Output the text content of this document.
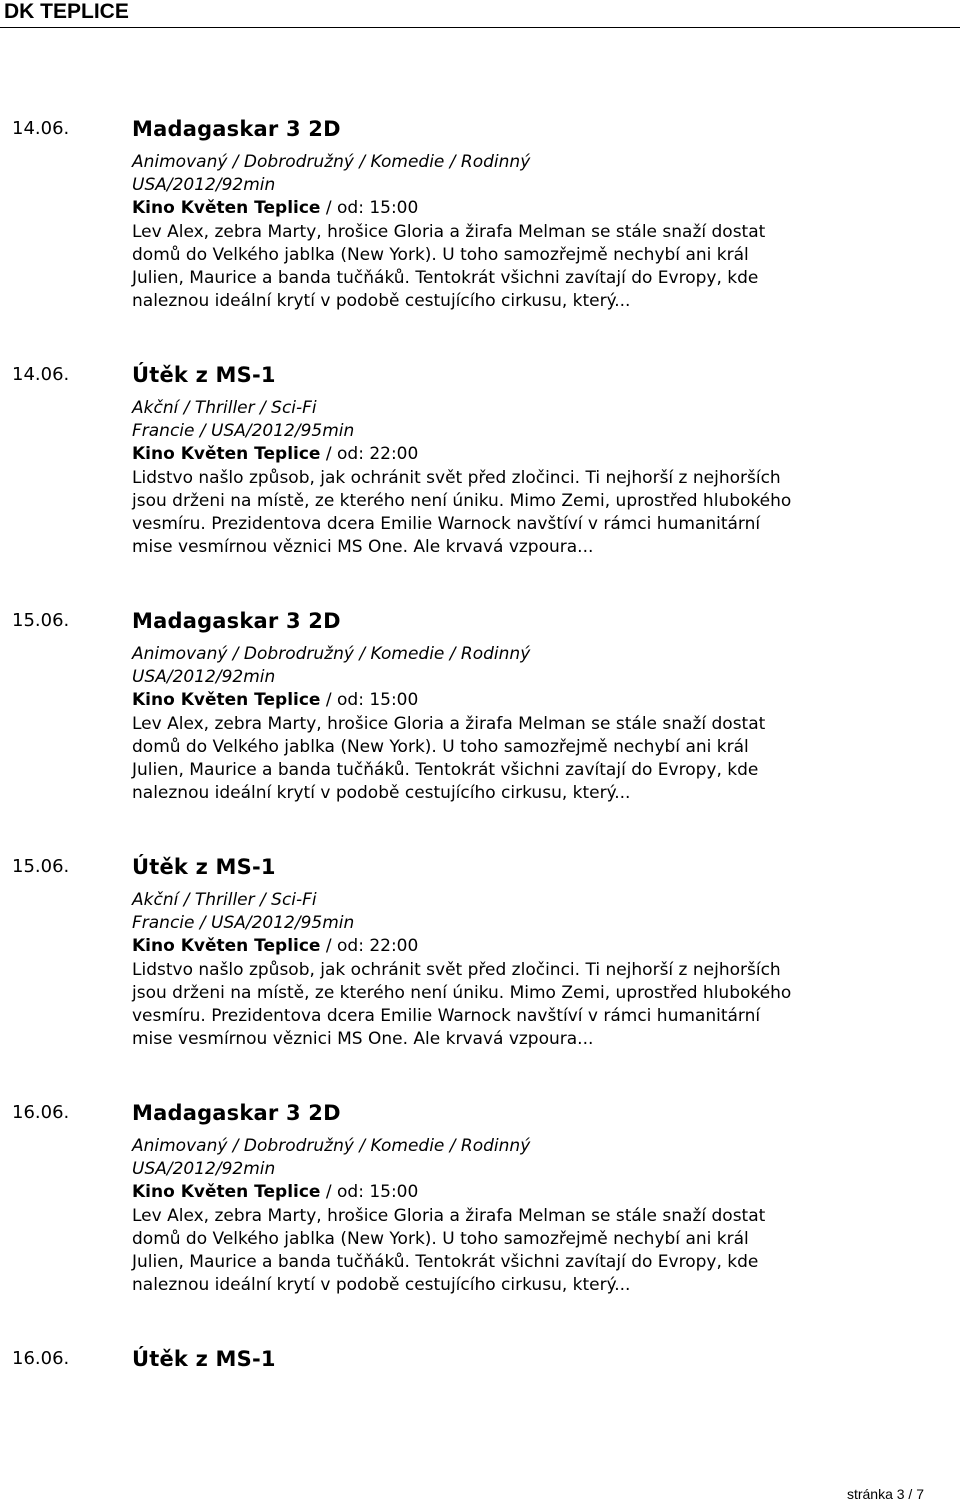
DK TEPLICE
14.06.	Madagaskar 3 2D
Animovaný / Dobrodružný / Komedie / Rodinný
USA/2012/92min
Kino Květen Teplice / od: 15:00
Lev Alex, zebra Marty, hrošice Gloria a žirafa Melman se stále snaží dostat
domů do Velkého jablka (New York). U toho samozřejmě nechybí ani král
Julien, Maurice a banda tučňáků. Tentokrát všichni zavítají do Evropy, kde
naleznou ideální krytí v podobě cestujícího cirkusu, který...
14.06.	Útěk z MS-1
Akční / Thriller / Sci-Fi
Francie / USA/2012/95min
Kino Květen Teplice / od: 22:00
Lidstvo našlo způsob, jak ochránit svět před zločinci. Ti nejhorší z nejhorších
jsou drženi na místě, ze kterého není úniku. Mimo Zemi, uprostřed hlubokého
vesmíru. Prezidentova dcera Emilie Warnock navštíví v rámci humanitární
mise vesmírnou věznici MS One. Ale krvavá vzpoura...
15.06.	Madagaskar 3 2D
Animovaný / Dobrodružný / Komedie / Rodinný
USA/2012/92min
Kino Květen Teplice / od: 15:00
Lev Alex, zebra Marty, hrošice Gloria a žirafa Melman se stále snaží dostat
domů do Velkého jablka (New York). U toho samozřejmě nechybí ani král
Julien, Maurice a banda tučňáků. Tentokrát všichni zavítají do Evropy, kde
naleznou ideální krytí v podobě cestujícího cirkusu, který...
15.06.	Útěk z MS-1
Akční / Thriller / Sci-Fi
Francie / USA/2012/95min
Kino Květen Teplice / od: 22:00
Lidstvo našlo způsob, jak ochránit svět před zločinci. Ti nejhorší z nejhorších
jsou drženi na místě, ze kterého není úniku. Mimo Zemi, uprostřed hlubokého
vesmíru. Prezidentova dcera Emilie Warnock navštíví v rámci humanitární
mise vesmírnou věznici MS One. Ale krvavá vzpoura...
16.06.	Madagaskar 3 2D
Animovaný / Dobrodružný / Komedie / Rodinný
USA/2012/92min
Kino Květen Teplice / od: 15:00
Lev Alex, zebra Marty, hrošice Gloria a žirafa Melman se stále snaží dostat
domů do Velkého jablka (New York). U toho samozřejmě nechybí ani král
Julien, Maurice a banda tučňáků. Tentokrát všichni zavítají do Evropy, kde
naleznou ideální krytí v podobě cestujícího cirkusu, který...
16.06.	Útěk z MS-1
stránka 3 / 7
